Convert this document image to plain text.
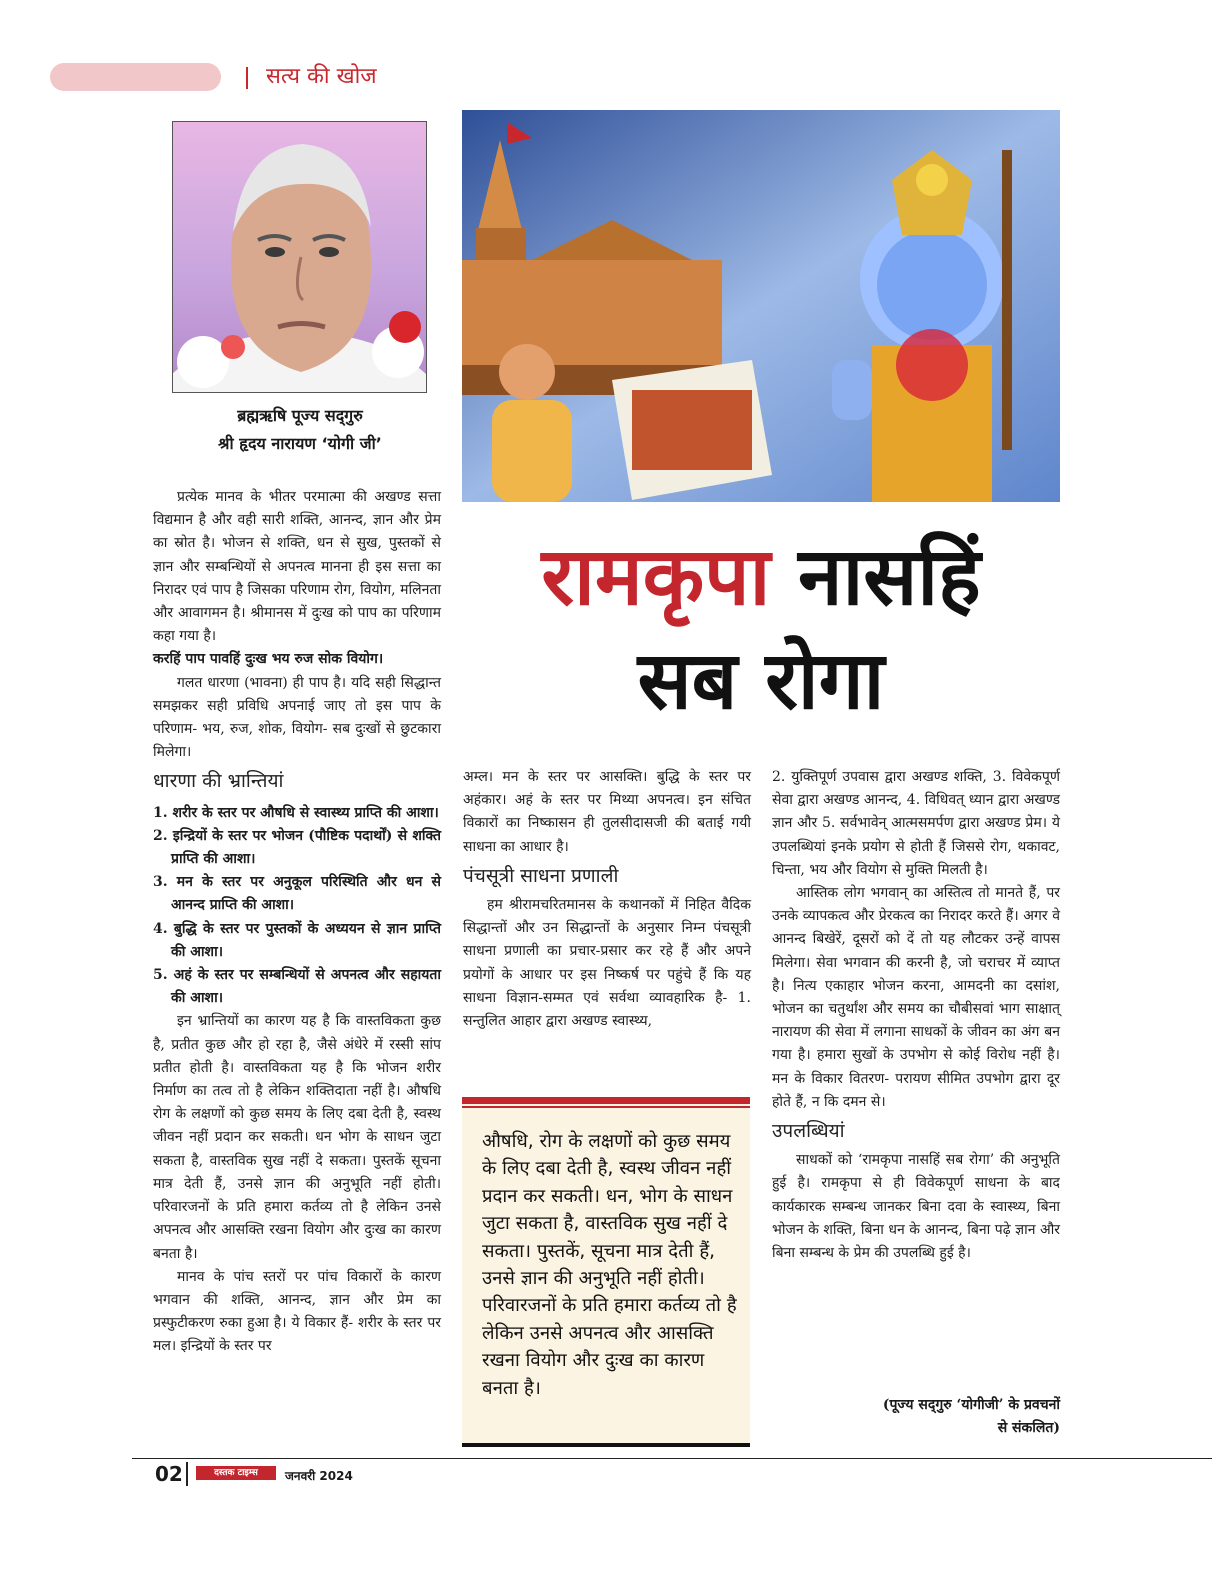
सत्य की खोज
ब्रह्मऋषि पूज्य सद्‌गुरु
श्री हृदय नारायण ‘योगी जी’
रामकृपा नासहिं
सब रोगा

प्रत्येक मानव के भीतर परमात्मा की अखण्ड सत्ता विद्यमान है और वही सारी शक्ति, आनन्द, ज्ञान और प्रेम का स्रोत है। भोजन से शक्ति, धन से सुख, पुस्तकों से ज्ञान और सम्बन्धियों से अपनत्व मानना ही इस सत्ता का निरादर एवं पाप है जिसका परिणाम रोग, वियोग, मलिनता और आवागमन है। श्रीमानस में दुःख को पाप का परिणाम कहा गया है।

करहिं पाप पावहिं दुःख भय रुज सोक वियोग।

गलत धारणा (भावना) ही पाप है। यदि सही सिद्धान्त समझकर सही प्रविधि अपनाई जाए तो इस पाप के परिणाम- भय, रुज, शोक, वियोग- सब दुःखों से छुटकारा मिलेगा।

धारणा की भ्रान्तियां
1. शरीर के स्तर पर औषधि से स्वास्थ्य प्राप्ति की आशा।
2. इन्द्रियों के स्तर पर भोजन (पौष्टिक पदार्थों) से शक्ति प्राप्ति की आशा।
3. मन के स्तर पर अनुकूल परिस्थिति और धन से आनन्द प्राप्ति की आशा।
4. बुद्धि के स्तर पर पुस्तकों के अध्ययन से ज्ञान प्राप्ति की आशा।
5. अहं के स्तर पर सम्बन्धियों से अपनत्व और सहायता की आशा।

इन भ्रान्तियों का कारण यह है कि वास्तविकता कुछ है, प्रतीत कुछ और हो रहा है, जैसे अंधेरे में रस्सी सांप प्रतीत होती है। वास्तविकता यह है कि भोजन शरीर निर्माण का तत्व तो है लेकिन शक्तिदाता नहीं है। औषधि रोग के लक्षणों को कुछ समय के लिए दबा देती है, स्वस्थ जीवन नहीं प्रदान कर सकती। धन भोग के साधन जुटा सकता है, वास्तविक सुख नहीं दे सकता। पुस्तकें सूचना मात्र देती हैं, उनसे ज्ञान की अनुभूति नहीं होती। परिवारजनों के प्रति हमारा कर्तव्य तो है लेकिन उनसे अपनत्व और आसक्ति रखना वियोग और दुःख का कारण बनता है।

मानव के पांच स्तरों पर पांच विकारों के कारण भगवान की शक्ति, आनन्द, ज्ञान और प्रेम का प्रस्फुटीकरण रुका हुआ है। ये विकार हैं- शरीर के स्तर पर मल। इन्द्रियों के स्तर पर

अम्ल। मन के स्तर पर आसक्ति। बुद्धि के स्तर पर अहंकार। अहं के स्तर पर मिथ्या अपनत्व। इन संचित विकारों का निष्कासन ही तुलसीदासजी की बताई गयी साधना का आधार है।

पंचसूत्री साधना प्रणाली

हम श्रीरामचरितमानस के कथानकों में निहित वैदिक सिद्धान्तों और उन सिद्धान्तों के अनुसार निम्न पंचसूत्री साधना प्रणाली का प्रचार-प्रसार कर रहे हैं और अपने प्रयोगों के आधार पर इस निष्कर्ष पर पहुंचे हैं कि यह साधना विज्ञान-सम्मत एवं सर्वथा व्यावहारिक है- 1. सन्तुलित आहार द्वारा अखण्ड स्वास्थ्य,

औषधि, रोग के लक्षणों को कुछ समय के लिए दबा देती है, स्वस्थ जीवन नहीं प्रदान कर सकती। धन, भोग के साधन जुटा सकता है, वास्तविक सुख नहीं दे सकता। पुस्तकें, सूचना मात्र देती हैं, उनसे ज्ञान की अनुभूति नहीं होती। परिवारजनों के प्रति हमारा कर्तव्य तो है लेकिन उनसे अपनत्व और आसक्ति रखना वियोग और दुःख का कारण बनता है।

2. युक्तिपूर्ण उपवास द्वारा अखण्ड शक्ति, 3. विवेकपूर्ण सेवा द्वारा अखण्ड आनन्द, 4. विधिवत् ध्यान द्वारा अखण्ड ज्ञान और 5. सर्वभावेन् आत्मसमर्पण द्वारा अखण्ड प्रेम। ये उपलब्धियां इनके प्रयोग से होती हैं जिससे रोग, थकावट, चिन्ता, भय और वियोग से मुक्ति मिलती है।

आस्तिक लोग भगवान् का अस्तित्व तो मानते हैं, पर उनके व्यापकत्व और प्रेरकत्व का निरादर करते हैं। अगर वे आनन्द बिखेरें, दूसरों को दें तो यह लौटकर उन्हें वापस मिलेगा। सेवा भगवान की करनी है, जो चराचर में व्याप्त है। नित्य एकाहार भोजन करना, आमदनी का दसांश, भोजन का चतुर्थांश और समय का चौबीसवां भाग साक्षात् नारायण की सेवा में लगाना साधकों के जीवन का अंग बन गया है। हमारा सुखों के उपभोग से कोई विरोध नहीं है। मन के विकार वितरण- परायण सीमित उपभोग द्वारा दूर होते हैं, न कि दमन से।

उपलब्धियां

साधकों को ‘रामकृपा नासहिं सब रोगा’ की अनुभूति हुई है। रामकृपा से ही विवेकपूर्ण साधना के बाद कार्यकारक सम्बन्ध जानकर बिना दवा के स्वास्थ्य, बिना भोजन के शक्ति, बिना धन के आनन्द, बिना पढ़े ज्ञान और बिना सम्बन्ध के प्रेम की उपलब्धि हुई है।

(पूज्य सद्‌गुरु ‘योगीजी’ के प्रवचनों
से संकलित)
02	दस्तक टाइम्स	जनवरी 2024
